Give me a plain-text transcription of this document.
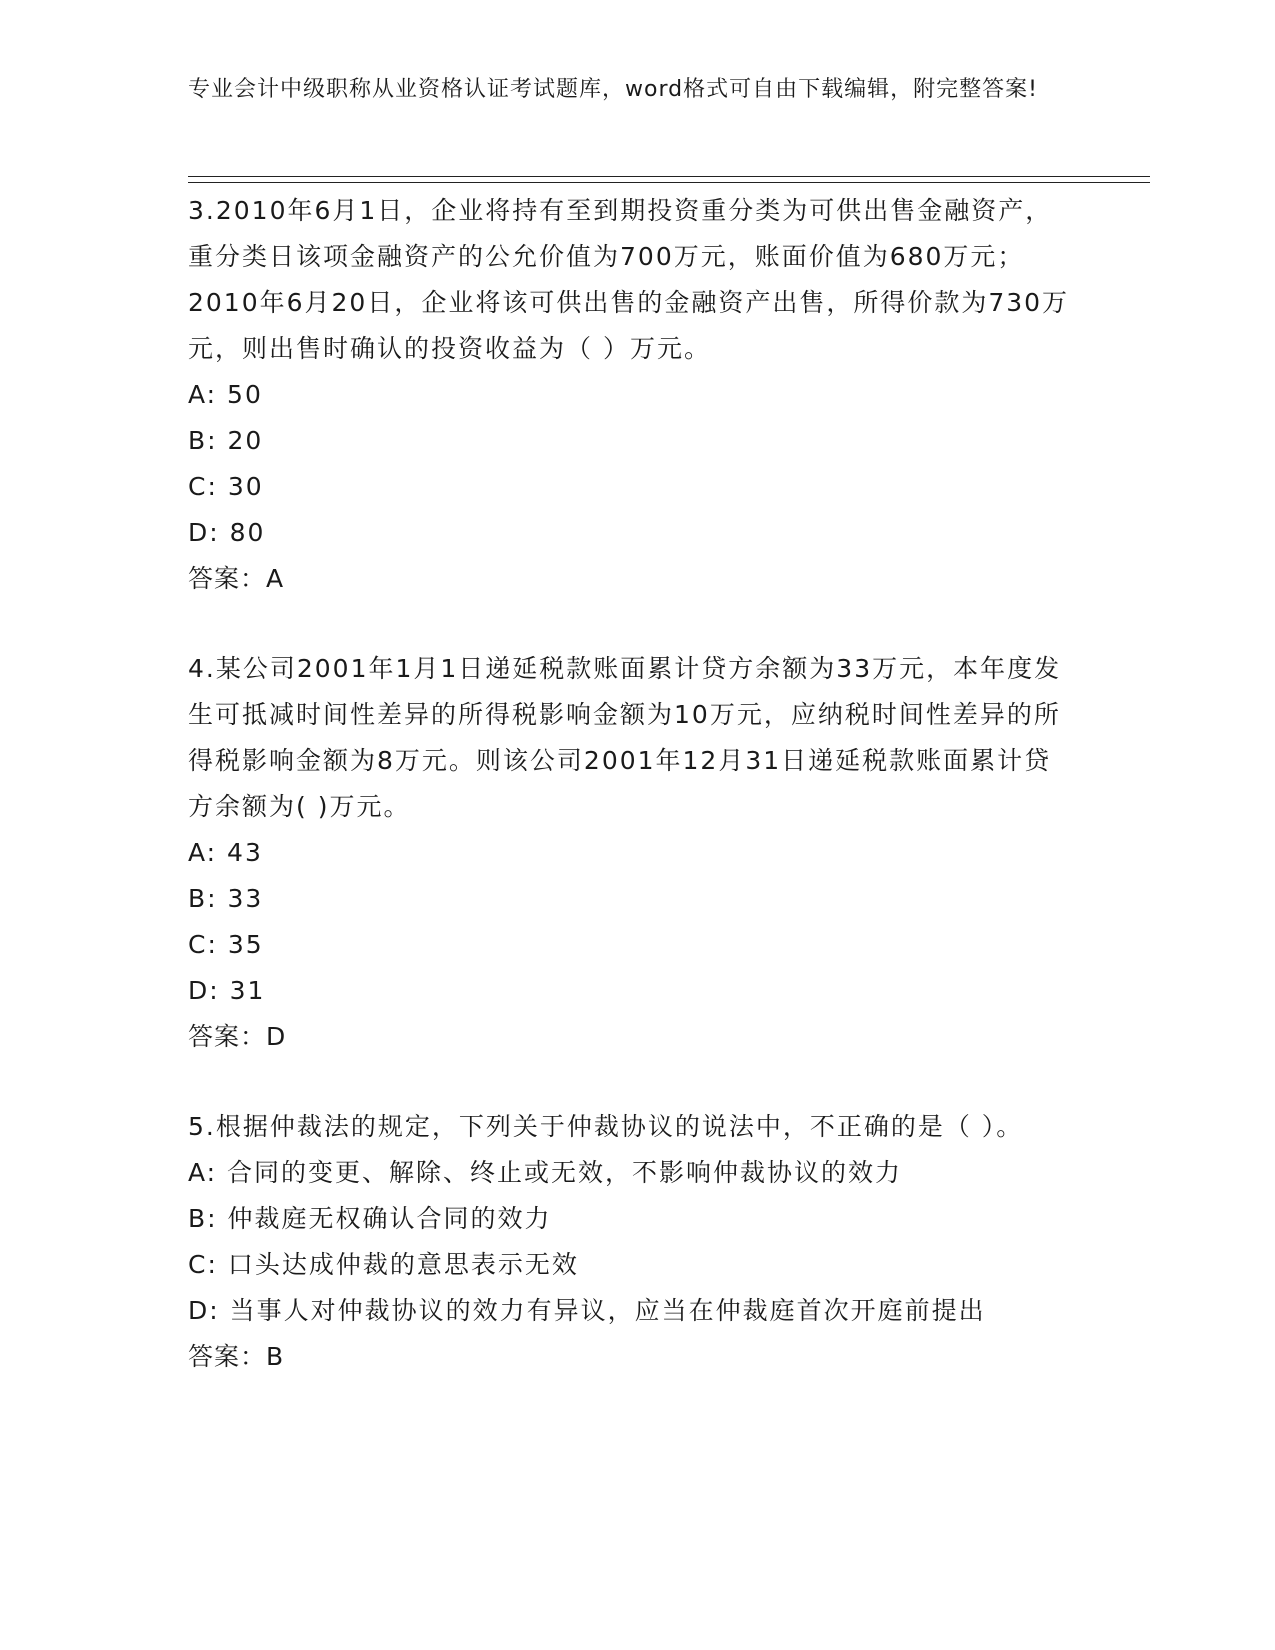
专业会计中级职称从业资格认证考试题库，word格式可自由下载编辑，附完整答案!

3.2010年6月1日，企业将持有至到期投资重分类为可供出售金融资产，重分类日该项金融资产的公允价值为700万元，账面价值为680万元；2010年6月20日，企业将该可供出售的金融资产出售，所得价款为730万元，则出售时确认的投资收益为（ ）万元。

A: 50
B: 20
C: 30
D: 80
答案：A

4.某公司2001年1月1日递延税款账面累计贷方余额为33万元，本年度发生可抵减时间性差异的所得税影响金额为10万元，应纳税时间性差异的所得税影响金额为8万元。则该公司2001年12月31日递延税款账面累计贷方余额为( )万元。

A: 43
B: 33
C: 35
D: 31
答案：D

5.根据仲裁法的规定，下列关于仲裁协议的说法中，不正确的是（ ）。

A: 合同的变更、解除、终止或无效，不影响仲裁协议的效力
B: 仲裁庭无权确认合同的效力
C: 口头达成仲裁的意思表示无效
D: 当事人对仲裁协议的效力有异议，应当在仲裁庭首次开庭前提出
答案：B
